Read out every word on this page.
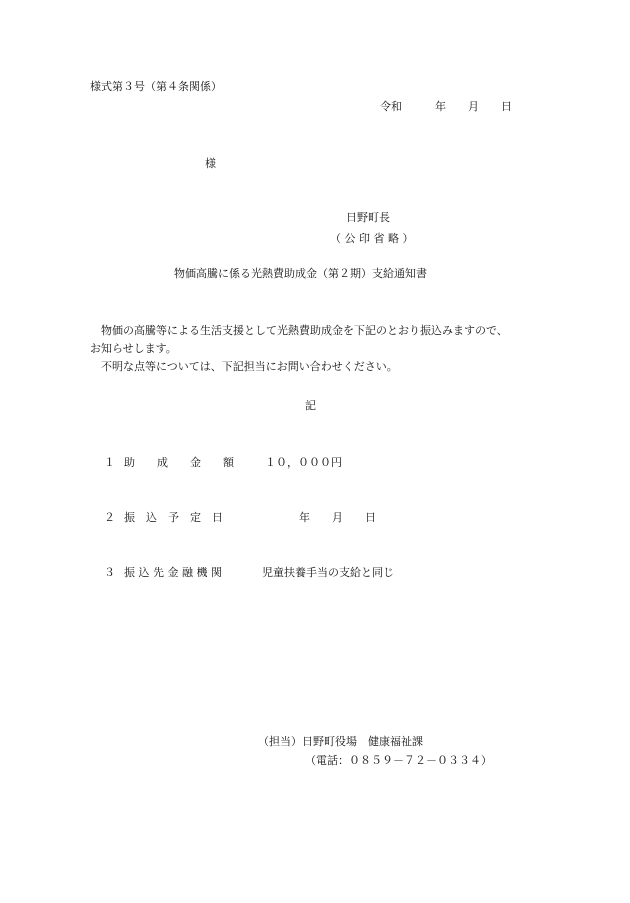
様式第３号（第４条関係）
令和　　　年　　月　　日
様
日野町長
（ 公 印 省 略 ）
物価高騰に係る光熱費助成金（第２期）支給通知書
物価の高騰等による生活支援として光熱費助成金を下記のとおり振込みますので、
お知らせします。
不明な点等については、下記担当にお問い合わせください。
記
１ 助　　成　　金　　額	１０，０００円
２ 振　込　予　定　日	年　　月　　日
３ 振 込 先 金 融 機 関	児童扶養手当の支給と同じ
（担当）日野町役場　健康福祉課
（電話：０８５９－７２－０３３４）
